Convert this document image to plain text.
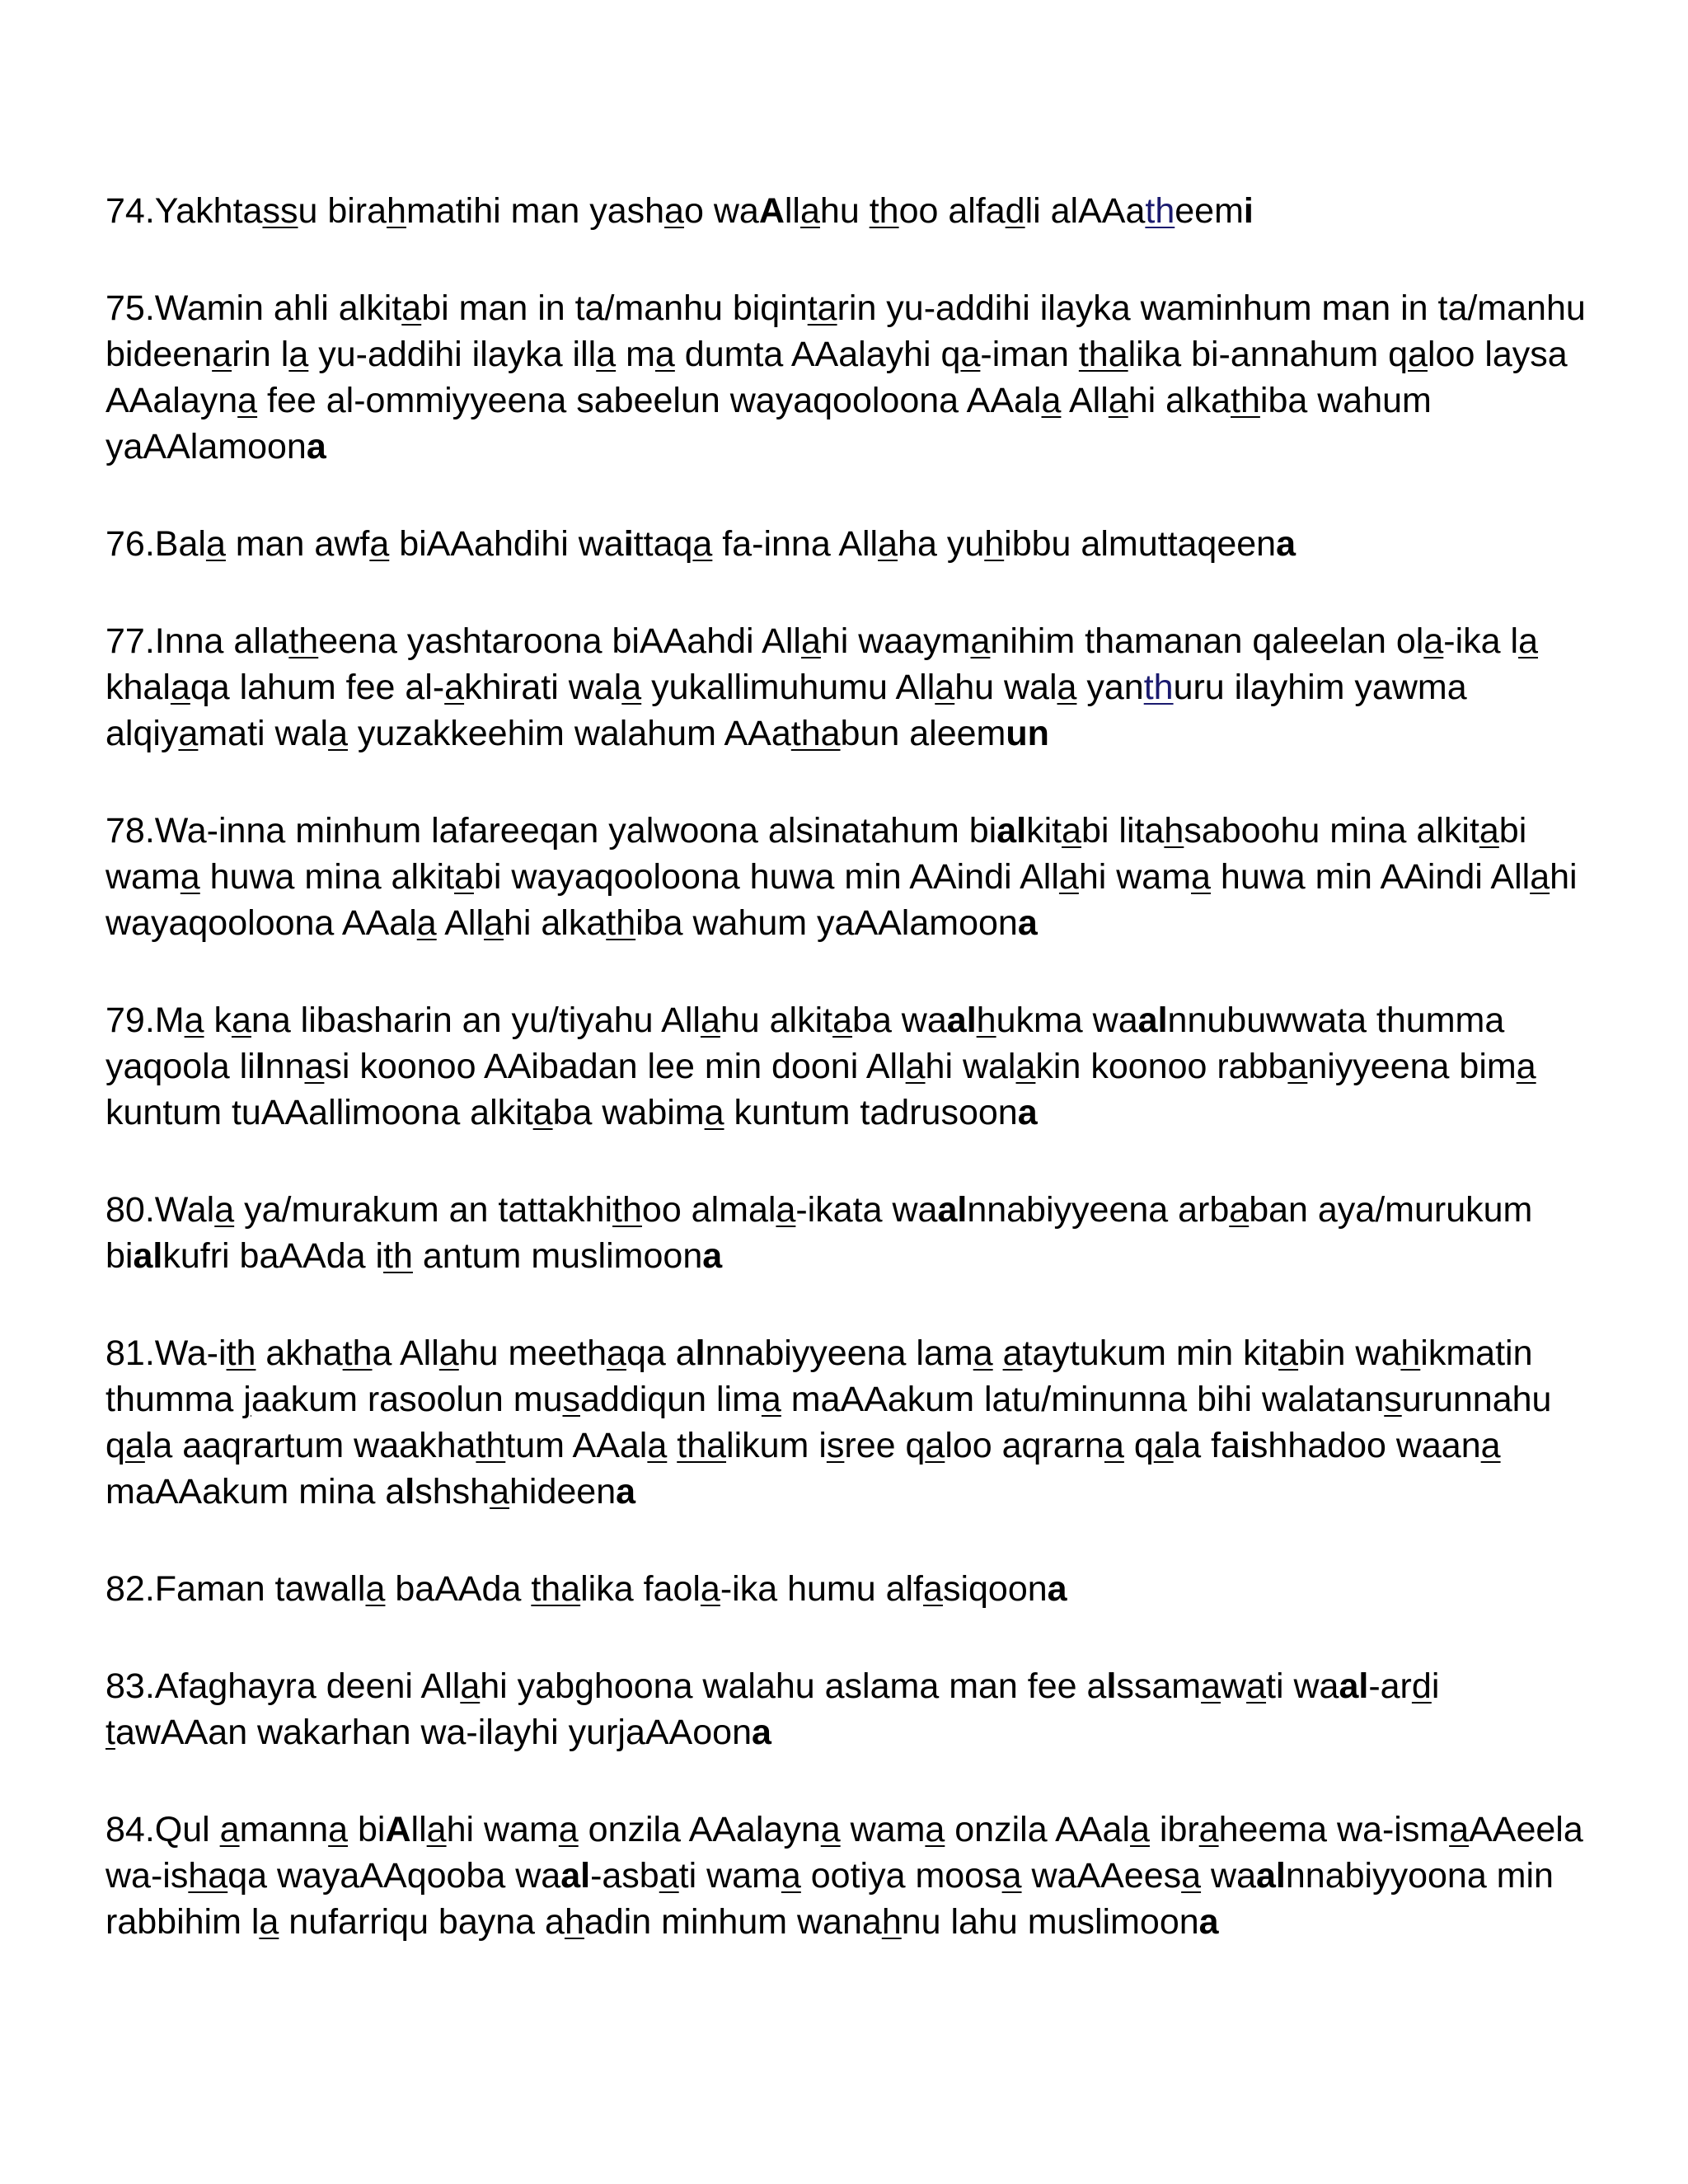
74.Yakhtassu birahmatihi man yashao waAllahu thoo alfadli alAAatheemi

75.Wamin ahli alkitabi man in ta/manhu biqintarin yu-addihi ilayka waminhum man in ta/manhu bideenarin la yu-addihi ilayka illa ma dumta AAalayhi qa-iman thalika bi-annahum qaloo laysa AAalayna fee al-ommiyyeena sabeelun wayaqooloona AAala Allahi alkathiba wahum yaAAlamoona

76.Bala man awfa biAAahdihi waittaqa fa-inna Allaha yuhibbu almuttaqeena

77.Inna allatheena yashtaroona biAAahdi Allahi waaymanihim thamanan qaleelan ola-ika la khalaqa lahum fee al-akhirati wala yukallimuhumu Allahu wala yanthuru ilayhim yawma alqiyamati wala yuzakkeehim walahum AAathabun aleemun

78.Wa-inna minhum lafareeqan yalwoona alsinatahum bialkitabi litahsaboohu mina alkitabi wama huwa mina alkitabi wayaqooloona huwa min AAindi Allahi wama huwa min AAindi Allahi wayaqooloona AAala Allahi alkathiba wahum yaAAlamoona

79.Ma kana libasharin an yu/tiyahu Allahu alkitaba waalhukma waalnnubuwwata thumma yaqoola lilnnasi koonoo AAibadan lee min dooni Allahi walakin koonoo rabbaniyyeena bima kuntum tuAAallimoona alkitaba wabima kuntum tadrusoona

80.Wala ya/murakum an tattakhithoo almala-ikata waalnnabiyyeena arbaban aya/murukum bialkufri baAAda ith antum muslimoona

81.Wa-ith akhatha Allahu meethaqa alnnabiyyeena lama ataytukum min kitabin wahikmatin thumma jaakum rasoolun musaddiqun lima maAAakum latu/minunna bihi walatansurunnahu qala aaqrartum waakhathtum AAala thalikum isree qaloo aqrarna qala faishhadoo waana maAAakum mina alshshahideena

82.Faman tawalla baAAda thalika faola-ika humu alfasiqoona

83.Afaghayra deeni Allahi yabghoona walahu aslama man fee alssamawati waal-ardi tawAAan wakarhan wa-ilayhi yurjaAAoona

84.Qul amanna biAllahi wama onzila AAalayna wama onzila AAala ibraheema wa-ismaAAeela wa-ishaqa wayaAAqooba waal-asbati wama ootiya moosa waAAeesa waalnnabiyyoona min rabbihim la nufarriqu bayna ahadin minhum wanahnu lahu muslimoona
